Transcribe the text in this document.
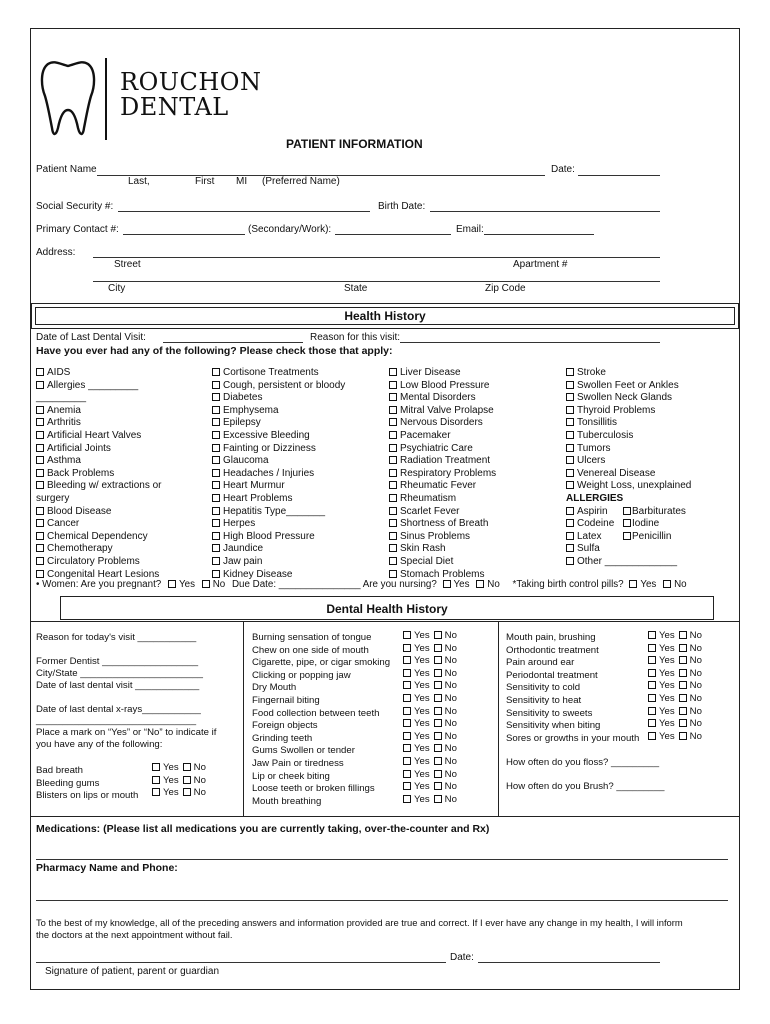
ROUCHON
DENTAL
PATIENT INFORMATION
Patient Name	Date:
Last,	First MI (Preferred Name)
Social Security #:	Birth Date:
Primary Contact #:	(Secondary/Work):	Email:
Address:
Street	Apartment #
City	State	Zip Code
Health History
Date of Last Dental Visit:	Reason for this visit:
Have you ever had any of the following? Please check those that apply:
AIDS
Allergies _________
_________
Anemia
Arthritis
Artificial Heart Valves
Artificial Joints
Asthma
Back Problems
Bleeding w/ extractions or
surgery
Blood Disease
Cancer
Chemical Dependency
Chemotherapy
Circulatory Problems
Congenital Heart Lesions
Cortisone Treatments
Cough, persistent or bloody
Diabetes
Emphysema
Epilepsy
Excessive Bleeding
Fainting or Dizziness
Glaucoma
Headaches / Injuries
Heart Murmur
Heart Problems
Hepatitis Type_______
Herpes
High Blood Pressure
Jaundice
Jaw pain
Kidney Disease
Liver Disease
Low Blood Pressure
Mental Disorders
Mitral Valve Prolapse
Nervous Disorders
Pacemaker
Psychiatric Care
Radiation Treatment
Respiratory Problems
Rheumatic Fever
Rheumatism
Scarlet Fever
Shortness of Breath
Sinus Problems
Skin Rash
Special Diet
Stomach Problems
Stroke
Swollen Feet or Ankles
Swollen Neck Glands
Thyroid Problems
Tonsillitis
Tuberculosis
Tumors
Ulcers
Venereal Disease
Weight Loss, unexplained
ALLERGIES
Aspirin Barbiturates
Codeine Iodine
Latex	Penicillin
Sulfa
Other _____________
• Women: Are you pregnant? Yes No Due Date: _______________ Are you nursing? Yes No *Taking birth control pills? Yes No
Dental Health History
Reason for today's visit ___________
Former Dentist __________________
City/State _______________________
Date of last dental visit ____________
Date of last dental x-rays___________
______________________________
Place a mark on “Yes” or “No” to indicate if
you have any of the following:
Bad breath	Yes No
Bleeding gums	Yes No
Blisters on lips or mouth	Yes No
Burning sensation of tongue	Yes No
Chew on one side of mouth	Yes No
Cigarette, pipe, or cigar smoking	Yes No
Clicking or popping jaw	Yes No
Dry Mouth	Yes No
Fingernail biting	Yes No
Food collection between teeth	Yes No
Foreign objects	Yes No
Grinding teeth	Yes No
Gums Swollen or tender	Yes No
Jaw Pain or tiredness	Yes No
Lip or cheek biting	Yes No
Loose teeth or broken fillings	Yes No
Mouth breathing	Yes No
Mouth pain, brushing	Yes No
Orthodontic treatment	Yes No
Pain around ear	Yes No
Periodontal treatment	Yes No
Sensitivity to cold	Yes No
Sensitivity to heat	Yes No
Sensitivity to sweets	Yes No
Sensitivity when biting	Yes No
Sores or growths in your mouth	Yes No
How often do you floss? _________
How often do you Brush? _________
Medications: (Please list all medications you are currently taking, over-the-counter and Rx)
Pharmacy Name and Phone:
To the best of my knowledge, all of the preceding answers and information provided are true and correct. If I ever have any change in my health, I will inform
the doctors at the next appointment without fail.
Date:
Signature of patient, parent or guardian
